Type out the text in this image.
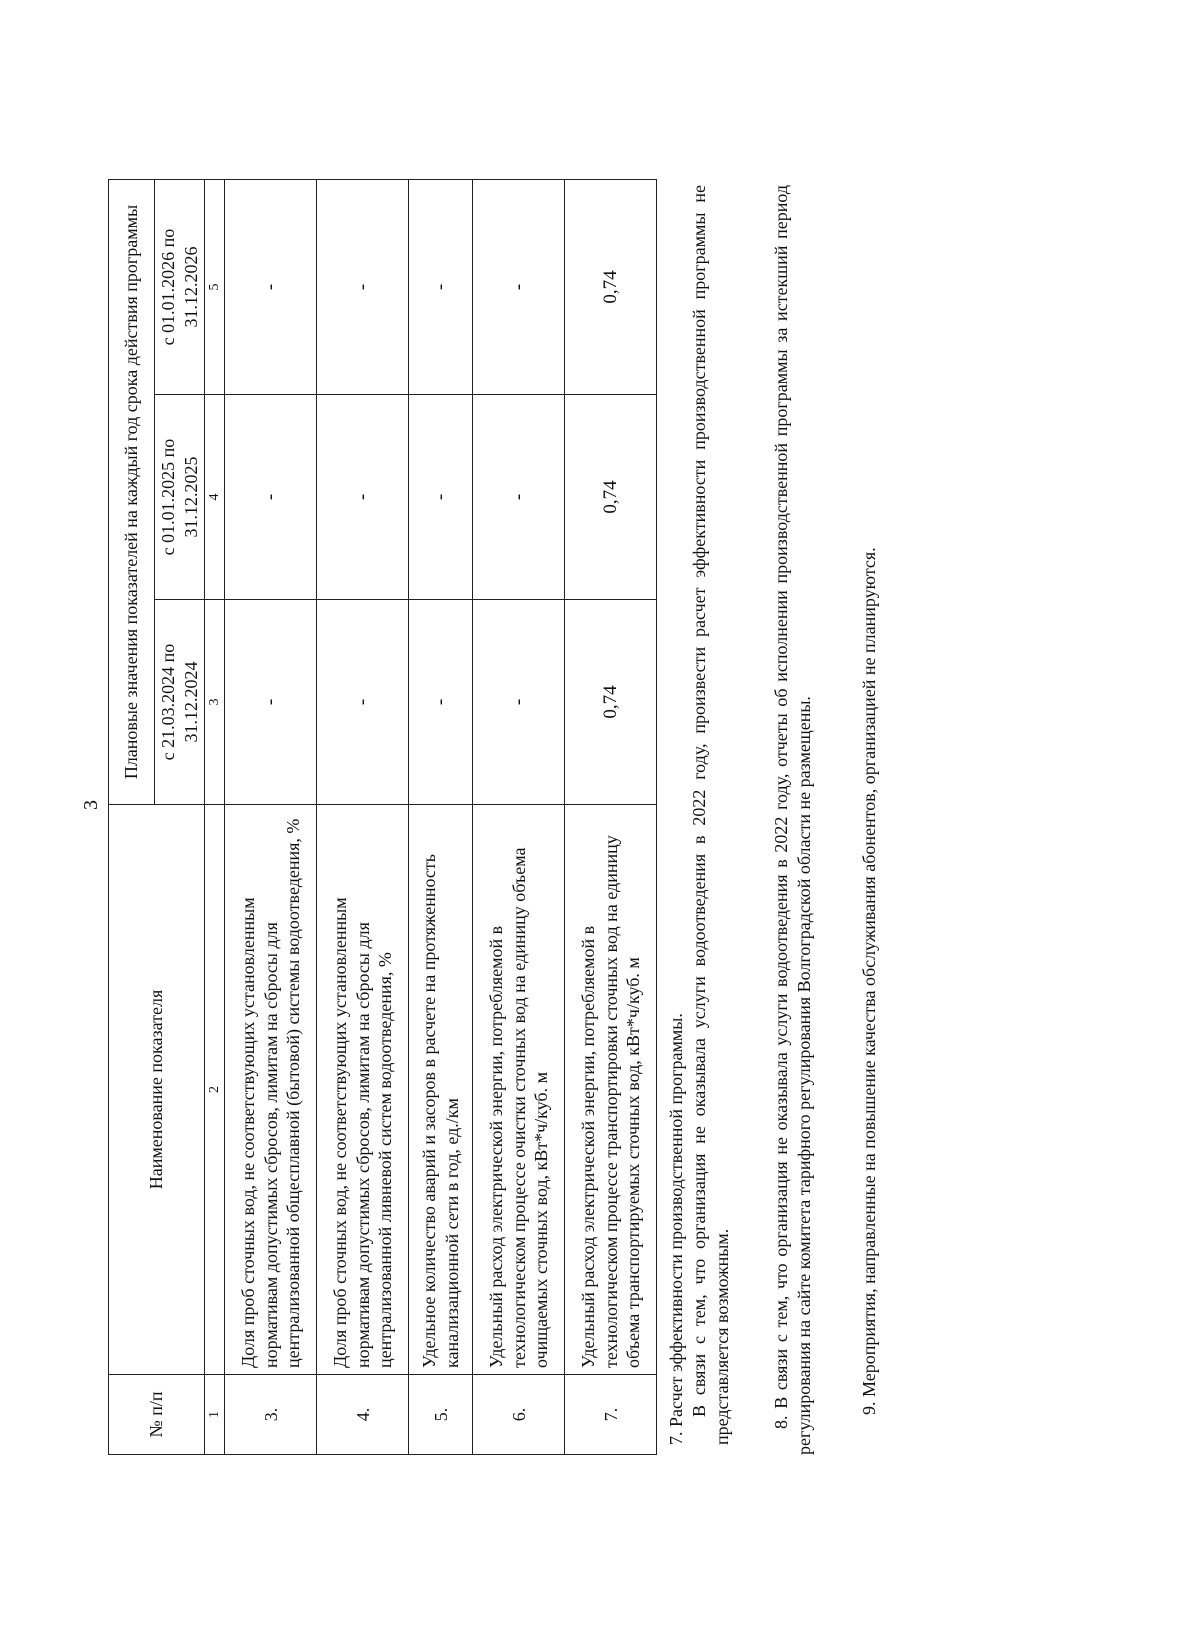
3
№ п/п	Наименование показателя	Плановые значения показателей на каждый год срока действия программы		
		с 21.03.2024 по 31.12.2024	с 01.01.2025 по 31.12.2025	с 01.01.2026 по 31.12.2026
1	2	3	4	5
3.	Доля проб сточных вод, не соответствующих установленным нормативам допустимых сбросов, лимитам на сбросы для централизованной общесплавной (бытовой) системы водоотведения, %	-	-	-
4.	Доля проб сточных вод, не соответствующих установленным нормативам допустимых сбросов, лимитам на сбросы для централизованной ливневой систем водоотведения, %	-	-	-
5.	Удельное количество аварий и засоров в расчете на протяженность канализационной сети в год, ед./км	-	-	-
6.	Удельный расход электрической энергии, потребляемой в технологическом процессе очистки сточных вод на единицу объема очищаемых сточных вод, кВт*ч/куб. м	-	-	-
7.	Удельный расход электрической энергии, потребляемой в технологическом процессе транспортировки сточных вод на единицу объема транспортируемых сточных вод, кВт*ч/куб. м	0,74	0,74	0,74

7. Расчет эффективности производственной программы. В связи с тем, что организация не оказывала услуги водоотведения в 2022 году, произвести расчет эффективности производственной программы не представляется возможным. 8. В связи с тем, что организация не оказывала услуги водоотведения в 2022 году, отчеты об исполнении производственной программы за истекший период регулирования на сайте комитета тарифного регулирования Волгоградской области не размещены. 9. Мероприятия, направленные на повышение качества обслуживания абонентов, организацией не планируются.
